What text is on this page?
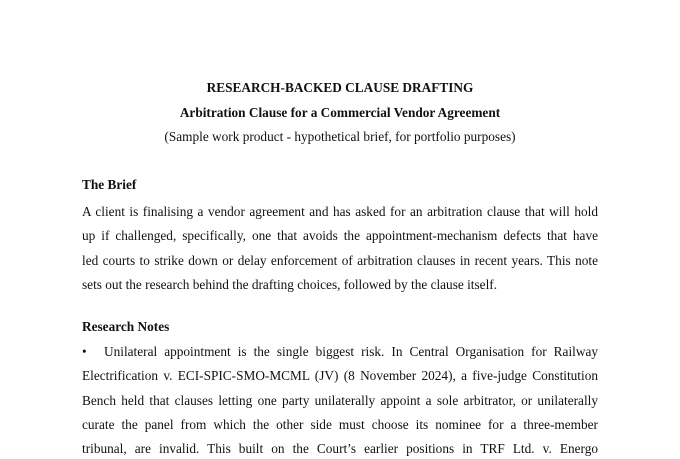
RESEARCH-BACKED CLAUSE DRAFTING
Arbitration Clause for a Commercial Vendor Agreement
(Sample work product - hypothetical brief, for portfolio purposes)
The Brief
A client is finalising a vendor agreement and has asked for an arbitration clause that will hold
up if challenged, specifically, one that avoids the appointment-mechanism defects that have
led courts to strike down or delay enforcement of arbitration clauses in recent years. This note
sets out the research behind the drafting choices, followed by the clause itself.
Research Notes
•	Unilateral appointment is the single biggest risk. In Central Organisation for Railway
Electrification v. ECI-SPIC-SMO-MCML (JV) (8 November 2024), a five-judge Constitution
Bench held that clauses letting one party unilaterally appoint a sole arbitrator, or unilaterally
curate the panel from which the other side must choose its nominee for a three-member
tribunal, are invalid. This built on the Court’s earlier positions in TRF Ltd. v. Energo
